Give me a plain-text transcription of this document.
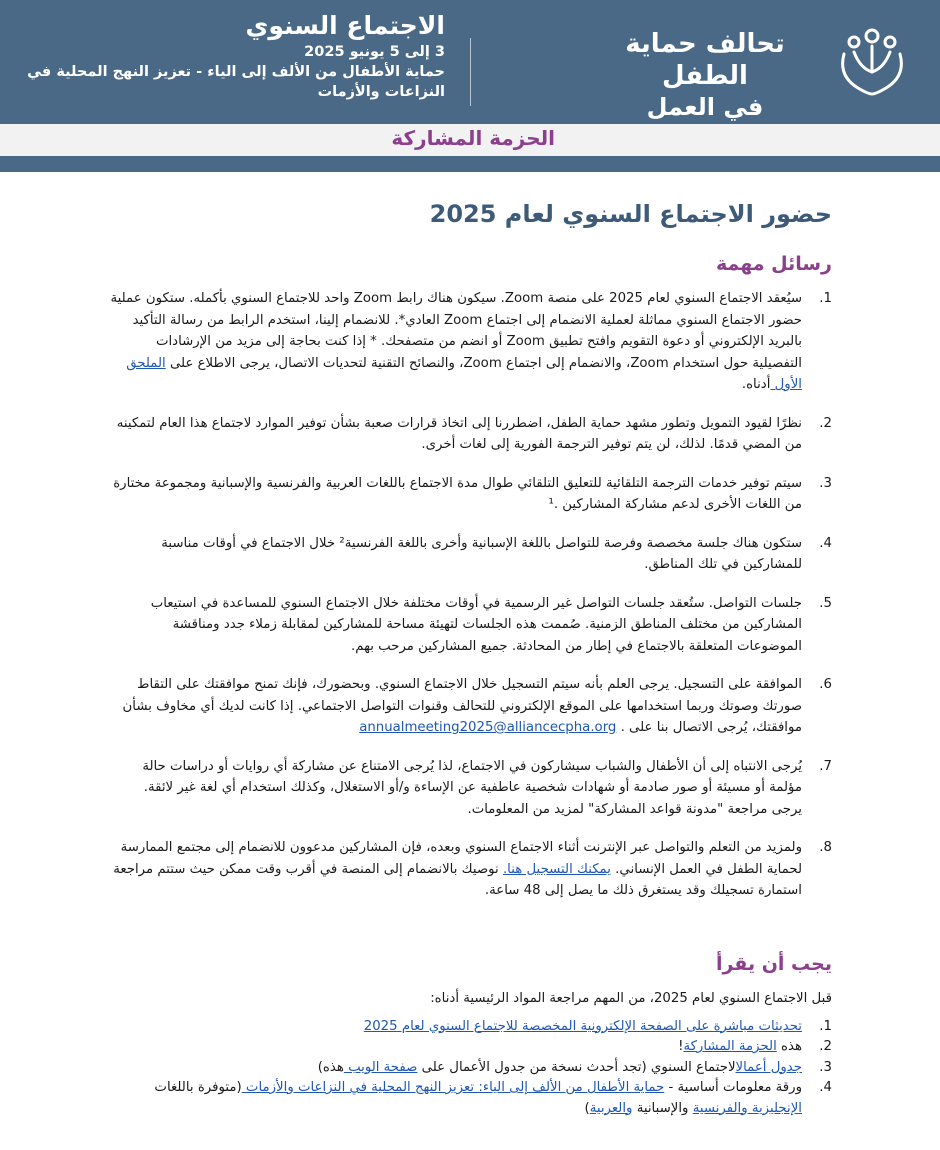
تحالف حماية الطفل
في العمل
الاجتماع السنوي
3 إلى 5 يونيو 2025
حماية الأطفال من الألف إلى الياء - تعزيز النهج المحلية في
النزاعات والأزمات
الحزمة المشاركة
حضور الاجتماع السنوي لعام 2025
رسائل مهمة
1.
سيُعقد الاجتماع السنوي لعام 2025 على منصة Zoom. سيكون هناك رابط Zoom واحد للاجتماع السنوي بأكمله. ستكون عملية حضور الاجتماع السنوي مماثلة لعملية الانضمام إلى اجتماع Zoom العادي*. للانضمام إلينا، استخدم الرابط من رسالة التأكيد بالبريد الإلكتروني أو دعوة التقويم وافتح تطبيق Zoom أو انضم من متصفحك. * إذا كنت بحاجة إلى مزيد من الإرشادات التفصيلية حول استخدام Zoom، والانضمام إلى اجتماع Zoom، والنصائح التقنية لتحديات الاتصال، يرجى الاطلاع على الملحق الأول أدناه.
2.
نظرًا لقيود التمويل وتطور مشهد حماية الطفل، اضطررنا إلى اتخاذ قرارات صعبة بشأن توفير الموارد لاجتماع هذا العام لتمكينه من المضي قدمًا. لذلك، لن يتم توفير الترجمة الفورية إلى لغات أخرى.
3.
سيتم توفير خدمات الترجمة التلقائية للتعليق التلقائي طوال مدة الاجتماع باللغات العربية والفرنسية والإسبانية ومجموعة مختارة من اللغات الأخرى لدعم مشاركة المشاركين .¹
4.
ستكون هناك جلسة مخصصة وفرصة للتواصل باللغة الإسبانية وأخرى باللغة الفرنسية² خلال الاجتماع في أوقات مناسبة للمشاركين في تلك المناطق.
5.
جلسات التواصل. ستُعقد جلسات التواصل غير الرسمية في أوقات مختلفة خلال الاجتماع السنوي للمساعدة في استيعاب المشاركين من مختلف المناطق الزمنية. صُممت هذه الجلسات لتهيئة مساحة للمشاركين لمقابلة زملاء جدد ومناقشة الموضوعات المتعلقة بالاجتماع في إطار من المحادثة. جميع المشاركين مرحب بهم.
6.
الموافقة على التسجيل. يرجى العلم بأنه سيتم التسجيل خلال الاجتماع السنوي. وبحضورك، فإنك تمنح موافقتك على التقاط صورتك وصوتك وربما استخدامها على الموقع الإلكتروني للتحالف وقنوات التواصل الاجتماعي. إذا كانت لديك أي مخاوف بشأن موافقتك، يُرجى الاتصال بنا على . annualmeeting2025@alliancecpha.org
7.
يُرجى الانتباه إلى أن الأطفال والشباب سيشاركون في الاجتماع، لذا يُرجى الامتناع عن مشاركة أي روايات أو دراسات حالة مؤلمة أو مسيئة أو صور صادمة أو شهادات شخصية عاطفية عن الإساءة و/أو الاستغلال، وكذلك استخدام أي لغة غير لائقة. يرجى مراجعة "مدونة قواعد المشاركة" لمزيد من المعلومات.
8.
ولمزيد من التعلم والتواصل عبر الإنترنت أثناء الاجتماع السنوي وبعده، فإن المشاركين مدعوون للانضمام إلى مجتمع الممارسة لحماية الطفل في العمل الإنساني. يمكنك التسجيل هنا. نوصيك بالانضمام إلى المنصة في أقرب وقت ممكن حيث ستتم مراجعة استمارة تسجيلك وقد يستغرق ذلك ما يصل إلى 48 ساعة.
يجب أن يقرأ

قبل الاجتماع السنوي لعام 2025، من المهم مراجعة المواد الرئيسية أدناه:

1.
تحديثات مباشرة على الصفحة الإلكترونية المخصصة للاجتماع السنوي لعام 2025
2.
هذه الحزمة المشاركة!
3.
جدول أعمالالاجتماع السنوي (تجد أحدث نسخة من جدول الأعمال على صفحة الويب هذه)
4.
ورقة معلومات أساسية - حماية الأطفال من الألف إلى الياء: تعزيز النهج المحلية في النزاعات والأزمات (متوفرة باللغات الإنجليزية والفرنسية والإسبانية والعربية)
